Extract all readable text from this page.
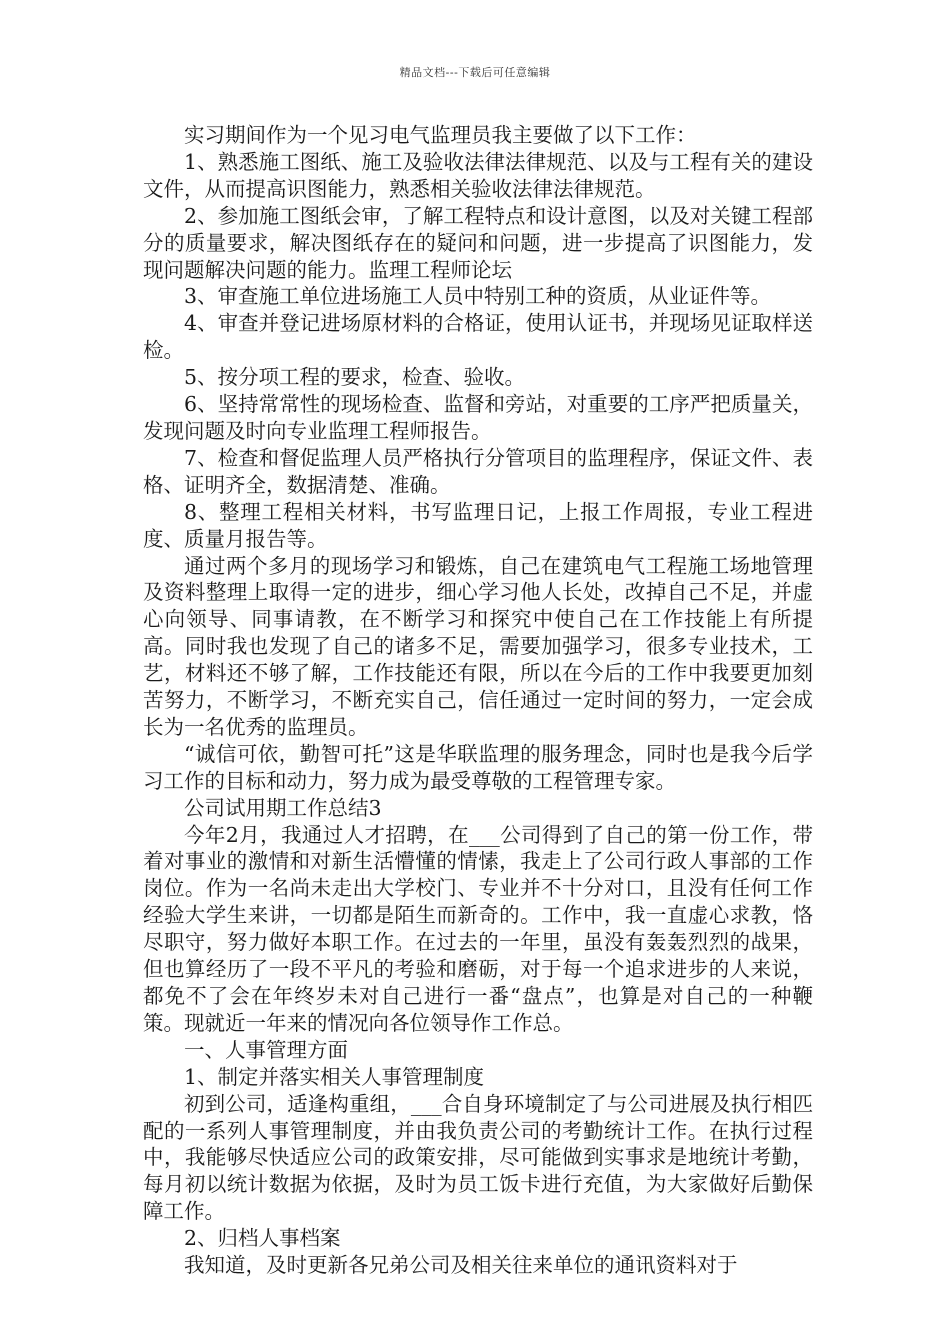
精品文档---下载后可任意编辑

实习期间作为一个见习电气监理员我主要做了以下工作：

1、熟悉施工图纸、施工及验收法律法律规范、以及与工程有关的建设文件，从而提高识图能力，熟悉相关验收法律法律规范。

2、参加施工图纸会审，了解工程特点和设计意图，以及对关键工程部分的质量要求，解决图纸存在的疑问和问题，进一步提高了识图能力，发现问题解决问题的能力。监理工程师论坛

3、审查施工单位进场施工人员中特别工种的资质，从业证件等。

4、审查并登记进场原材料的合格证，使用认证书，并现场见证取样送检。

5、按分项工程的要求，检查、验收。

6、坚持常常性的现场检查、监督和旁站，对重要的工序严把质量关，发现问题及时向专业监理工程师报告。

7、检查和督促监理人员严格执行分管项目的监理程序，保证文件、表格、证明齐全，数据清楚、准确。

8、整理工程相关材料，书写监理日记，上报工作周报，专业工程进度、质量月报告等。

通过两个多月的现场学习和锻炼，自己在建筑电气工程施工场地管理及资料整理上取得一定的进步，细心学习他人长处，改掉自己不足，并虚心向领导、同事请教，在不断学习和探究中使自己在工作技能上有所提高。同时我也发现了自己的诸多不足，需要加强学习，很多专业技术，工艺，材料还不够了解，工作技能还有限，所以在今后的工作中我要更加刻苦努力，不断学习，不断充实自己，信任通过一定时间的努力，一定会成长为一名优秀的监理员。

“诚信可依，勤智可托”这是华联监理的服务理念，同时也是我今后学习工作的目标和动力，努力成为最受尊敬的工程管理专家。

公司试用期工作总结3

今年2月，我通过人才招聘，在___公司得到了自己的第一份工作，带着对事业的激情和对新生活懵懂的情愫，我走上了公司行政人事部的工作岗位。作为一名尚未走出大学校门、专业并不十分对口，且没有任何工作经验大学生来讲，一切都是陌生而新奇的。工作中，我一直虚心求教，恪尽职守，努力做好本职工作。在过去的一年里，虽没有轰轰烈烈的战果，但也算经历了一段不平凡的考验和磨砺，对于每一个追求进步的人来说，都免不了会在年终岁未对自己进行一番“盘点”，也算是对自己的一种鞭策。现就近一年来的情况向各位领导作工作总。

一、人事管理方面

1、制定并落实相关人事管理制度

初到公司，适逢构重组，___合自身环境制定了与公司进展及执行相匹配的一系列人事管理制度，并由我负责公司的考勤统计工作。在执行过程中，我能够尽快适应公司的政策安排，尽可能做到实事求是地统计考勤，每月初以统计数据为依据，及时为员工饭卡进行充值，为大家做好后勤保障工作。

2、归档人事档案

我知道，及时更新各兄弟公司及相关往来单位的通讯资料对于
